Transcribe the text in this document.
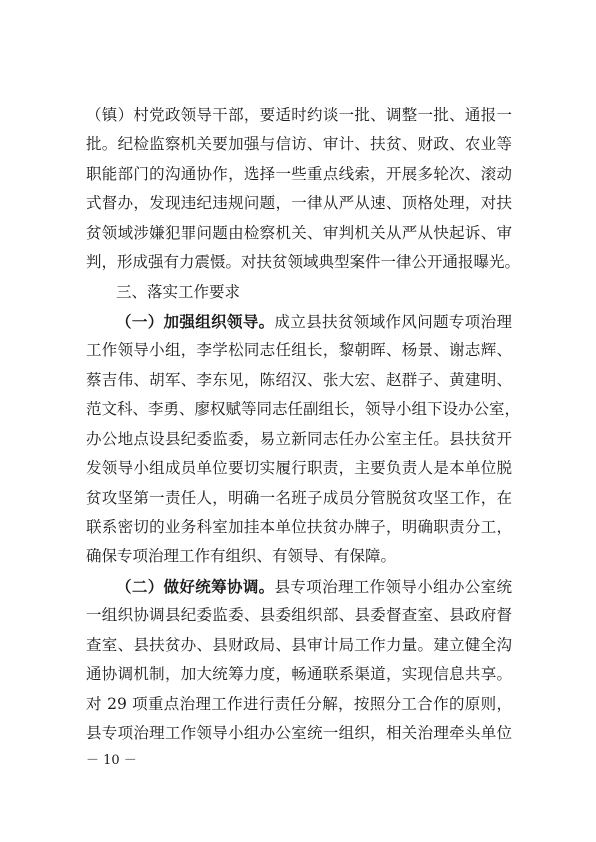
（镇）村党政领导干部，要适时约谈一批、调整一批、通报一
批。纪检监察机关要加强与信访、审计、扶贫、财政、农业等
职能部门的沟通协作，选择一些重点线索，开展多轮次、滚动
式督办，发现违纪违规问题，一律从严从速、顶格处理，对扶
贫领域涉嫌犯罪问题由检察机关、审判机关从严从快起诉、审
判，形成强有力震慑。对扶贫领域典型案件一律公开通报曝光。
三、落实工作要求
（一）加强组织领导。成立县扶贫领域作风问题专项治理
工作领导小组，李学松同志任组长，黎朝晖、杨景、谢志辉、
蔡吉伟、胡军、李东见，陈绍汉、张大宏、赵群子、黄建明、
范文科、李勇、廖权赋等同志任副组长，领导小组下设办公室，
办公地点设县纪委监委，易立新同志任办公室主任。县扶贫开
发领导小组成员单位要切实履行职责，主要负责人是本单位脱
贫攻坚第一责任人，明确一名班子成员分管脱贫攻坚工作，在
联系密切的业务科室加挂本单位扶贫办牌子，明确职责分工，
确保专项治理工作有组织、有领导、有保障。
（二）做好统筹协调。县专项治理工作领导小组办公室统
一组织协调县纪委监委、县委组织部、县委督查室、县政府督
查室、县扶贫办、县财政局、县审计局工作力量。建立健全沟
通协调机制，加大统筹力度，畅通联系渠道，实现信息共享。
对 29 项重点治理工作进行责任分解，按照分工合作的原则，
县专项治理工作领导小组办公室统一组织，相关治理牵头单位
－ 10 －
